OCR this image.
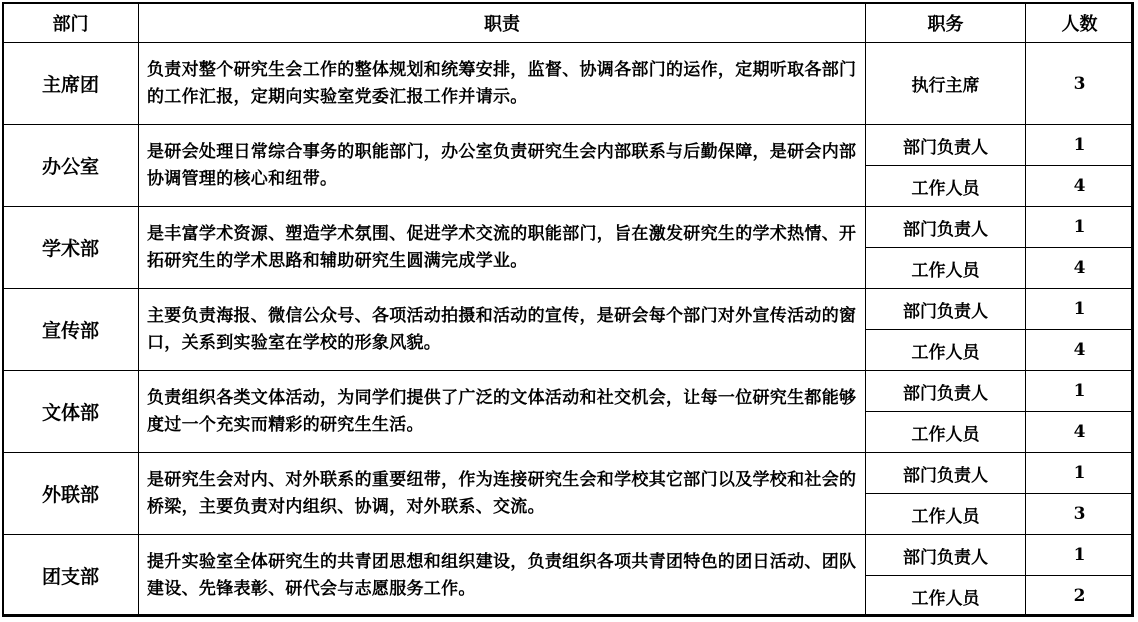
部门	职责	职务	人数
主席团	负责对整个研究生会工作的整体规划和统筹安排，监督、协调各部门的运作，定期听取各部门的工作汇报，定期向实验室党委汇报工作并请示。	执行主席	3
办公室	是研会处理日常综合事务的职能部门，办公室负责研究生会内部联系与后勤保障，是研会内部协调管理的核心和纽带。	部门负责人	1
		工作人员	4
学术部	是丰富学术资源、塑造学术氛围、促进学术交流的职能部门，旨在激发研究生的学术热情、开拓研究生的学术思路和辅助研究生圆满完成学业。	部门负责人	1
		工作人员	4
宣传部	主要负责海报、微信公众号、各项活动拍摄和活动的宣传，是研会每个部门对外宣传活动的窗口，关系到实验室在学校的形象风貌。	部门负责人	1
		工作人员	4
文体部	负责组织各类文体活动，为同学们提供了广泛的文体活动和社交机会，让每一位研究生都能够度过一个充实而精彩的研究生生活。	部门负责人	1
		工作人员	4
外联部	是研究生会对内、对外联系的重要纽带，作为连接研究生会和学校其它部门以及学校和社会的桥梁，主要负责对内组织、协调，对外联系、交流。	部门负责人	1
		工作人员	3
团支部	提升实验室全体研究生的共青团思想和组织建设，负责组织各项共青团特色的团日活动、团队建设、先锋表彰、研代会与志愿服务工作。	部门负责人	1
		工作人员	2
